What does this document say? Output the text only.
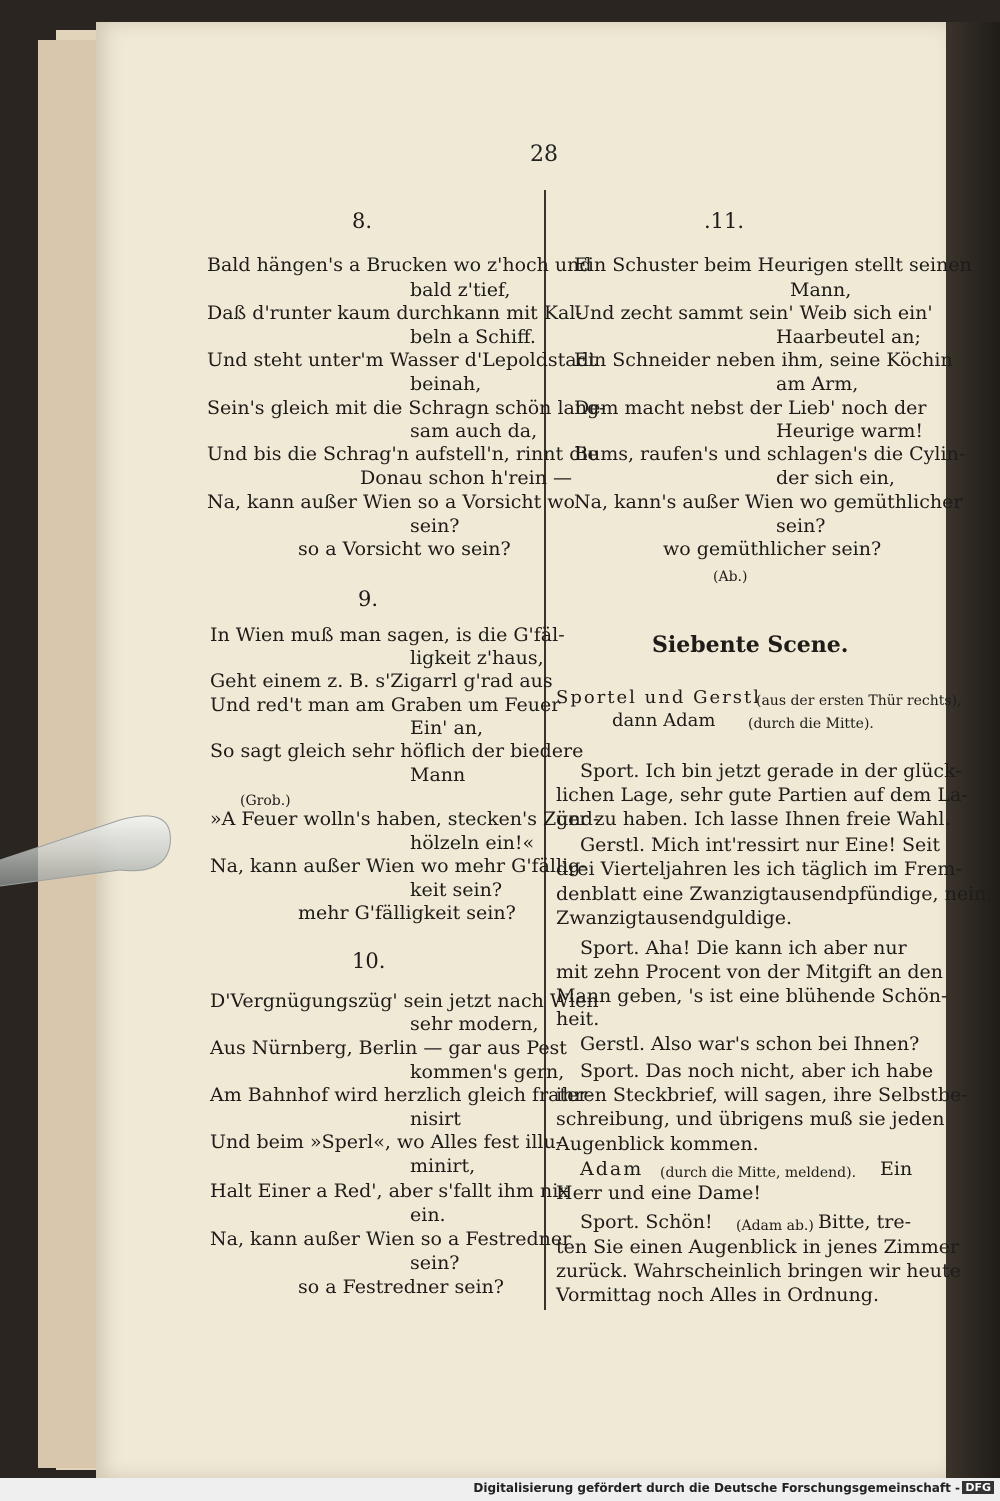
28
8.
Bald hängen's a Brucken wo z'hoch und
bald z'tief,
Daß d'runter kaum durchkann mit Kal-
beln a Schiff.
Und steht unter'm Wasser d'Lepoldstadt
beinah,
Sein's gleich mit die Schragn schön lang-
sam auch da,
Und bis die Schrag'n aufstell'n, rinnt die
Donau schon h'rein —
Na, kann außer Wien so a Vorsicht wo
sein?
so a Vorsicht wo sein?
9.
In Wien muß man sagen, is die G'fäl-
ligkeit z'haus,
Geht einem z. B. s'Zigarrl g'rad aus
Und red't man am Graben um Feuer
Ein' an,
So sagt gleich sehr höflich der biedere
Mann
(Grob.)
»A Feuer wolln's haben, stecken's Zünd-
hölzeln ein!«
Na, kann außer Wien wo mehr G'fällig-
keit sein?
mehr G'fälligkeit sein?
10.
D'Vergnügungszüg' sein jetzt nach Wien
sehr modern,
Aus Nürnberg, Berlin — gar aus Pest
kommen's gern,
Am Bahnhof wird herzlich gleich frater-
nisirt
Und beim »Sperl«, wo Alles fest illu-
minirt,
Halt Einer a Red', aber s'fallt ihm nix
ein.
Na, kann außer Wien so a Festredner
sein?
so a Festredner sein?
.11.
Ein Schuster beim Heurigen stellt seinen
Mann,
Und zecht sammt sein' Weib sich ein'
Haarbeutel an;
Ein Schneider neben ihm, seine Köchin
am Arm,
Dem macht nebst der Lieb' noch der
Heurige warm!
Bums, raufen's und schlagen's die Cylin-
der sich ein,
Na, kann's außer Wien wo gemüthlicher
sein?
wo gemüthlicher sein?
(Ab.)
Siebente Scene.
Sportel und Gerstl
(aus der ersten Thür rechts),
dann Adam (durch die Mitte).
Sport. Ich bin jetzt gerade in der glück-
lichen Lage, sehr gute Partien auf dem La-
ger zu haben. Ich lasse Ihnen freie Wahl.
Gerstl. Mich int'ressirt nur Eine! Seit
drei Vierteljahren les ich täglich im Frem-
denblatt eine Zwanzigtausendpfündige, nein,
Zwanzigtausendguldige.
Sport. Aha! Die kann ich aber nur
mit zehn Procent von der Mitgift an den
Mann geben, 's ist eine blühende Schön-
heit.
Gerstl. Also war's schon bei Ihnen?
Sport. Das noch nicht, aber ich habe
ihren Steckbrief, will sagen, ihre Selbstbe-
schreibung, und übrigens muß sie jeden
Augenblick kommen.
Adam (durch die Mitte, meldend). Ein
Herr und eine Dame!
Sport. Schön! (Adam ab.) Bitte, tre-
ten Sie einen Augenblick in jenes Zimmer
zurück. Wahrscheinlich bringen wir heute
Vormittag noch Alles in Ordnung.
Digitalisierung gefördert durch die Deutsche Forschungsgemeinschaft - DFG
